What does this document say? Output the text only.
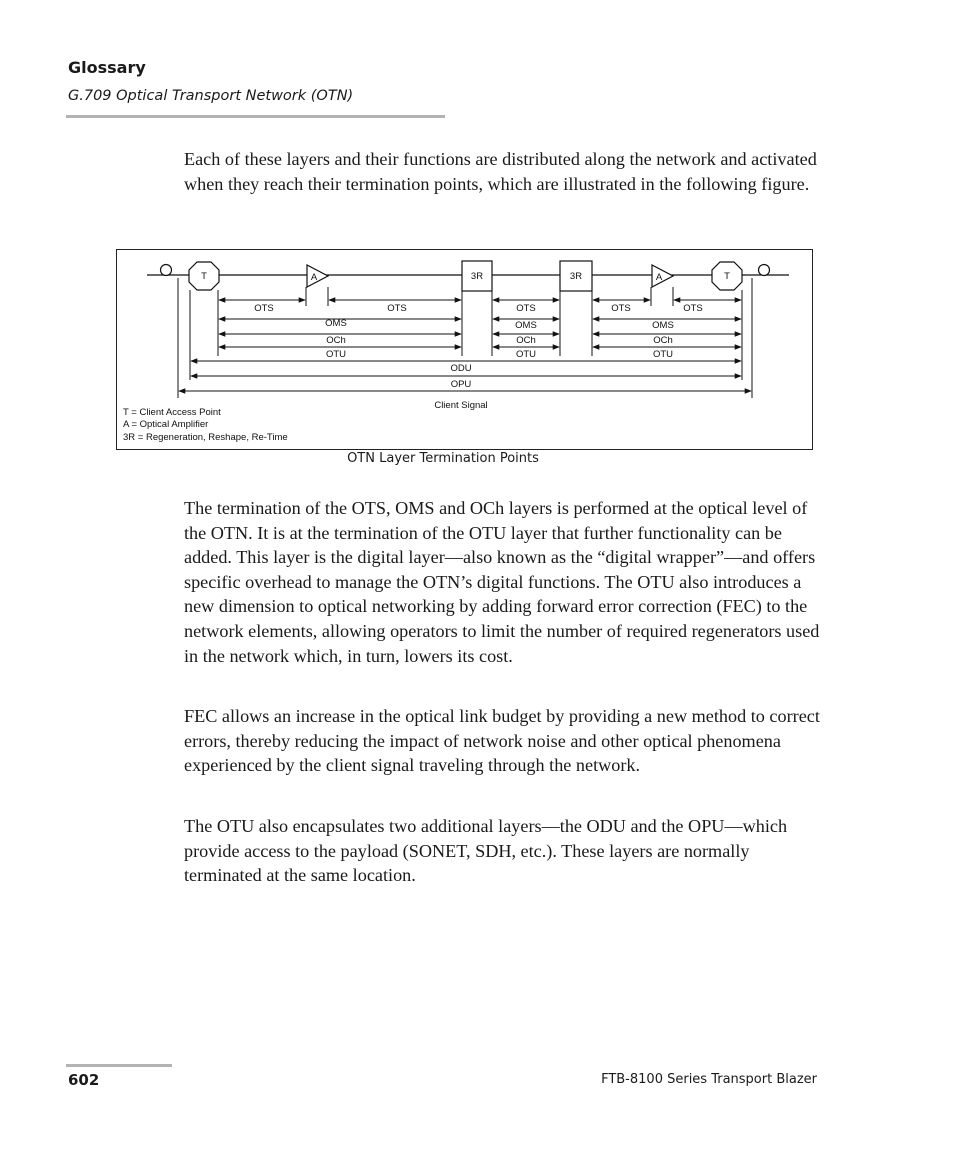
Glossary
G.709 Optical Transport Network (OTN)

Each of these layers and their functions are distributed along the network and activated when they reach their termination points, which are illustrated in the following figure.

T	T
A	A
3R	3R
OTS	OTS	OTS	OTS	OTS
OMS	OMS	OMS
OCh	OCh	OCh
OTU	OTU	OTU
ODU
OPU
Client Signal
T = Client Access Point
A = Optical Amplifier
3R = Regeneration, Reshape, Re-Time
OTN Layer Termination Points

The termination of the OTS, OMS and OCh layers is performed at the optical level of the OTN. It is at the termination of the OTU layer that further functionality can be added. This layer is the digital layer—also known as the “digital wrapper”—and offers specific overhead to manage the OTN’s digital functions. The OTU also introduces a new dimension to optical networking by adding forward error correction (FEC) to the network elements, allowing operators to limit the number of required regenerators used in the network which, in turn, lowers its cost.

FEC allows an increase in the optical link budget by providing a new method to correct errors, thereby reducing the impact of network noise and other optical phenomena experienced by the client signal traveling through the network.

The OTU also encapsulates two additional layers—the ODU and the OPU—which provide access to the payload (SONET, SDH, etc.). These layers are normally terminated at the same location.

602	FTB-8100 Series Transport Blazer
